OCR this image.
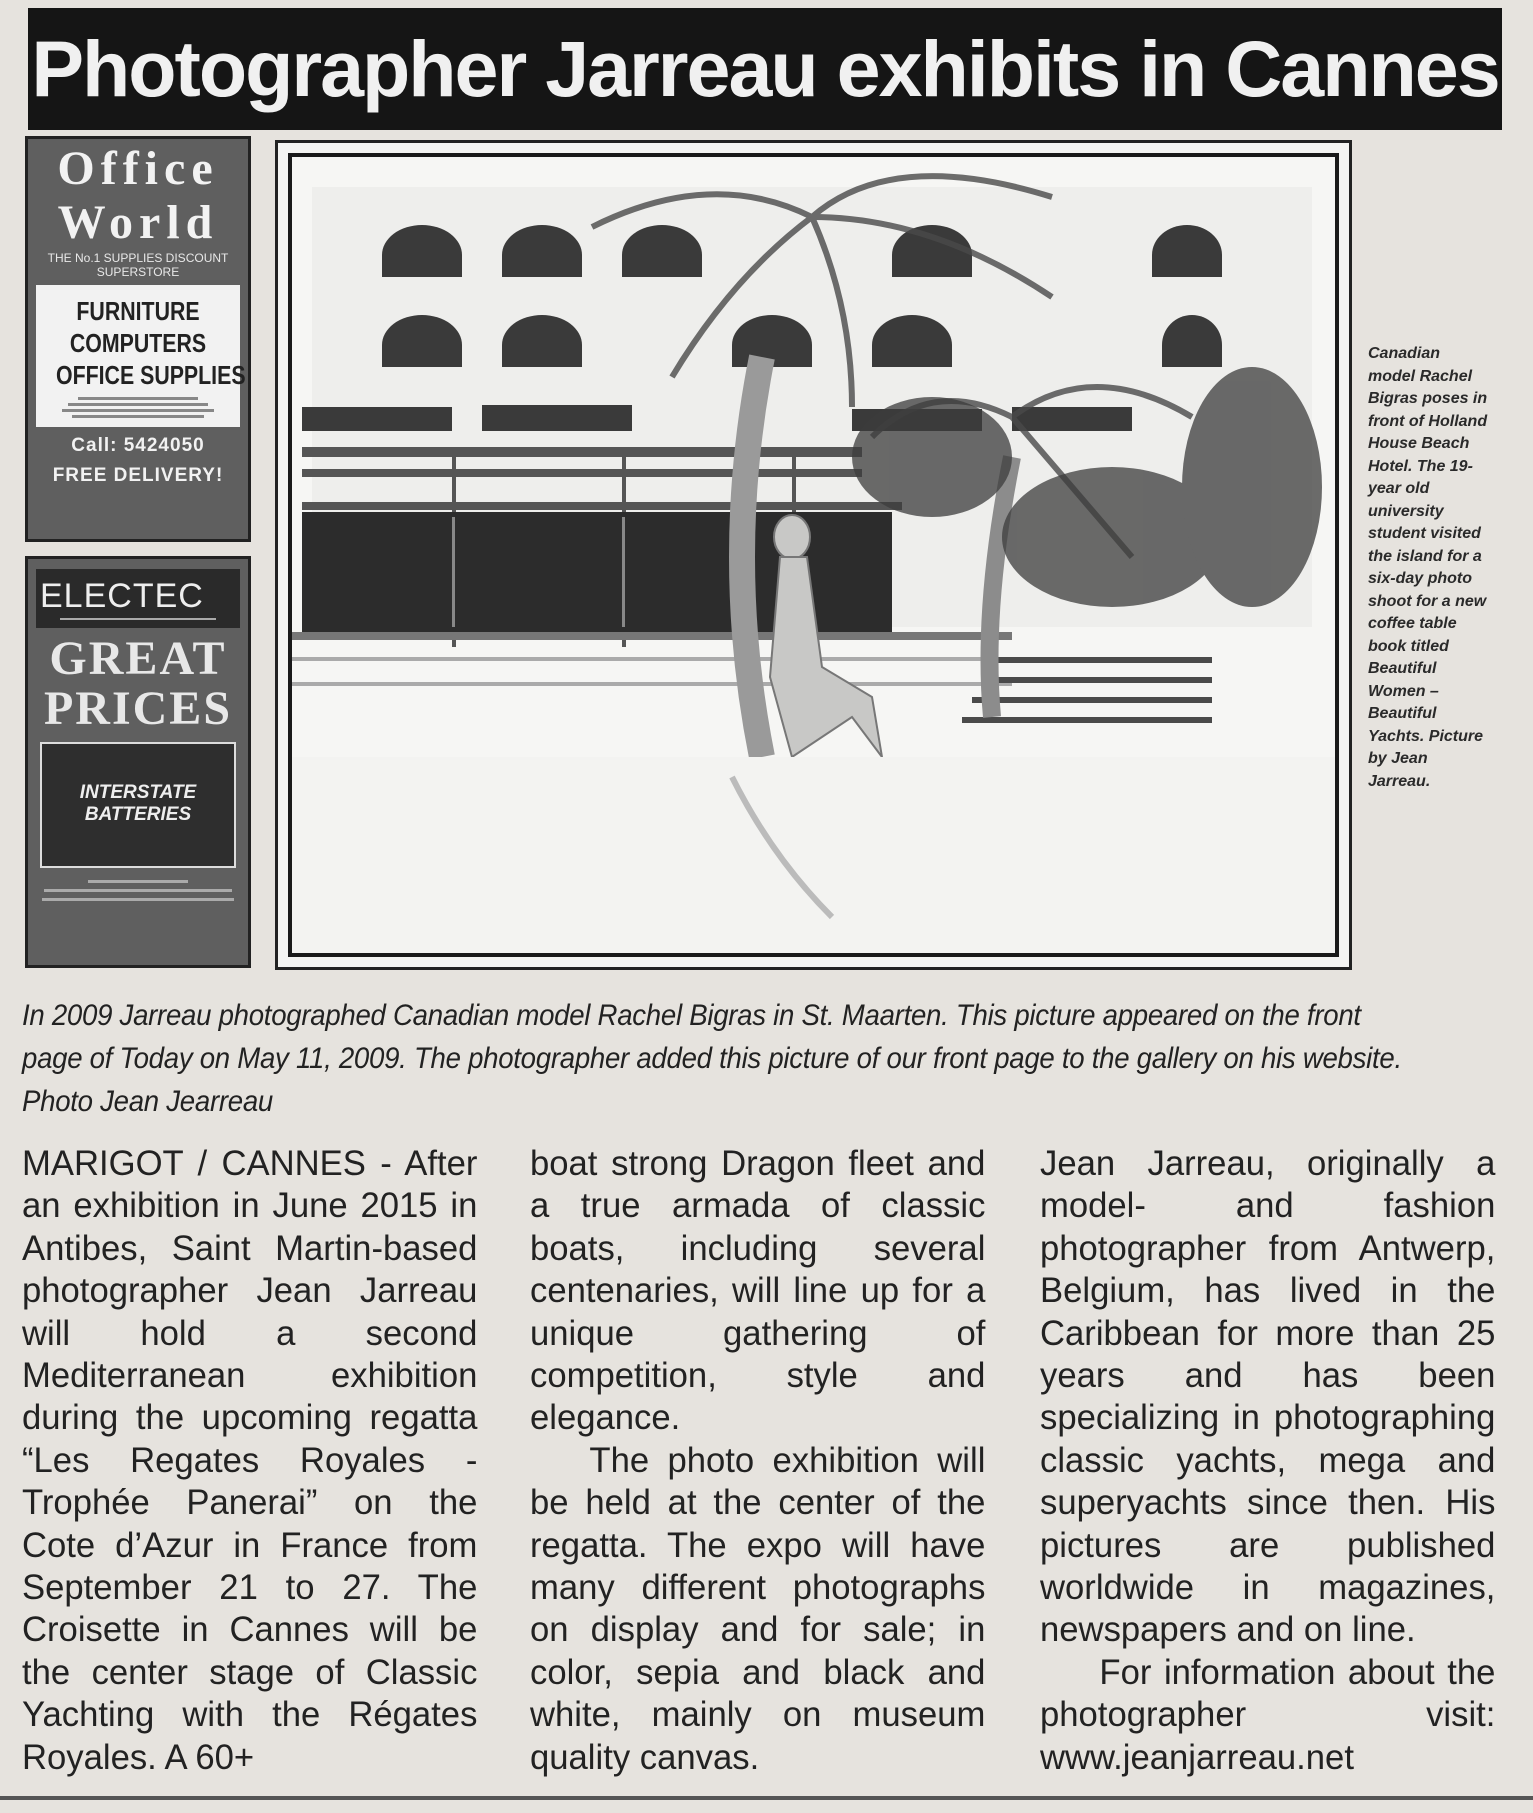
Photographer Jarreau exhibits in Cannes
Office
World
THE No.1 SUPPLIES DISCOUNT SUPERSTORE
FURNITURE
COMPUTERS
OFFICE SUPPLIES
Call: 5424050
FREE DELIVERY!
ELECTEC
GREAT
PRICES
INTERSTATE
BATTERIES
Canadian model Rachel Bigras poses in front of Holland House Beach Hotel. The 19-year old university student visited the island for a six-day photo shoot for a new coffee table book titled Beautiful Women – Beautiful Yachts. Picture by Jean Jarreau.
In 2009 Jarreau photographed Canadian model Rachel Bigras in St. Maarten. This picture appeared on the front page of Today on May 11, 2009. The photographer added this picture of our front page to the gallery on his website. Photo Jean Jearreau

MARIGOT / CANNES - After an exhibition in June 2015 in Antibes, Saint Martin-based photographer Jean Jarreau will hold a second Mediterranean exhibition during the upcoming regatta “Les Regates Royales - Trophée Panerai” on the Cote d’Azur in France from September 21 to 27. The Croisette in Cannes will be the center stage of Classic Yachting with the Régates Royales. A 60+

boat strong Dragon fleet and a true armada of classic boats, including several centenaries, will line up for a unique gathering of competition, style and elegance.

The photo exhibition will be held at the center of the regatta. The expo will have many different photographs on display and for sale; in color, sepia and black and white, mainly on museum quality canvas.

Jean Jarreau, originally a model- and fashion photographer from Antwerp, Belgium, has lived in the Caribbean for more than 25 years and has been specializing in photographing classic yachts, mega and superyachts since then. His pictures are published worldwide in magazines, newspapers and on line.

For information about the photographer visit: www.jeanjarreau.net
